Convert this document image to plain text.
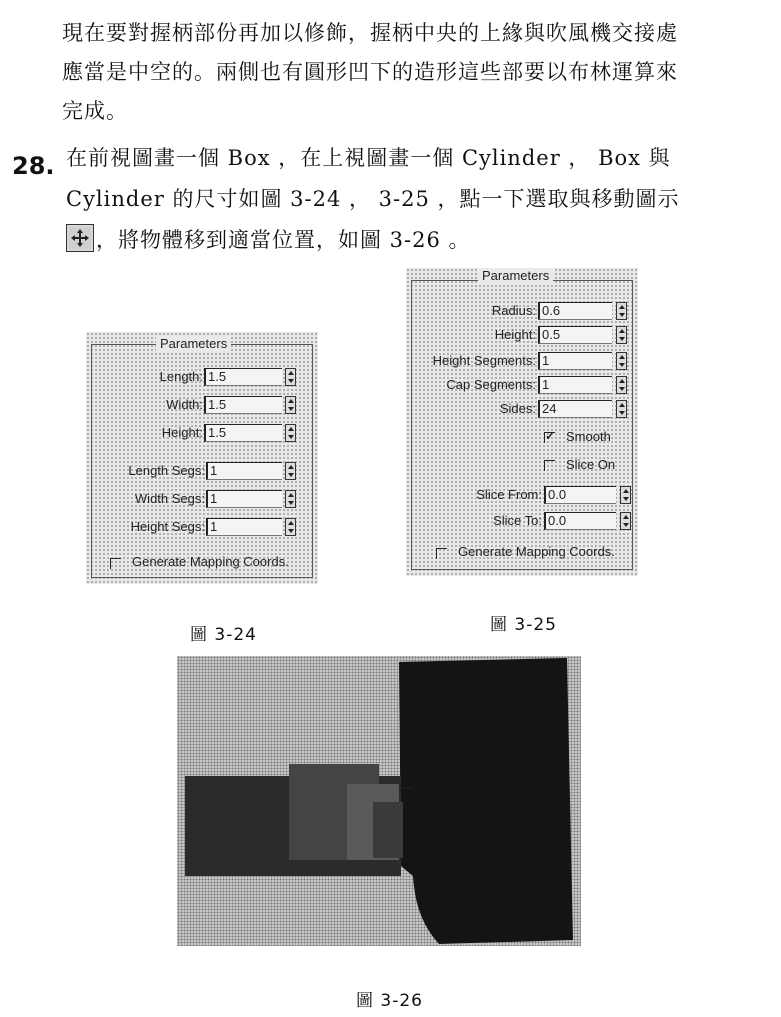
現在要對握柄部份再加以修飾，握柄中央的上緣與吹風機交接處
應當是中空的。兩側也有圓形凹下的造形這些部要以布林運算來
完成。
28. 在前視圖畫一個 Box ，在上視圖畫一個 Cylinder ， Box 與
Cylinder 的尺寸如圖 3-24 ， 3-25 ，點一下選取與移動圖示
，將物體移到適當位置，如圖 3-26 。
Parameters
Length: 1.5
Width: 1.5
Height: 1.5
Length Segs: 1
Width Segs: 1
Height Segs: 1
Generate Mapping Coords.
圖 3-24
Parameters
Radius: 0.6
Height: 0.5
Height Segments: 1
Cap Segments: 1
Sides: 24
✓
Smooth
Slice On
Slice From: 0.0
Slice To: 0.0
Generate Mapping Coords.
圖 3-25
圖 3-26
